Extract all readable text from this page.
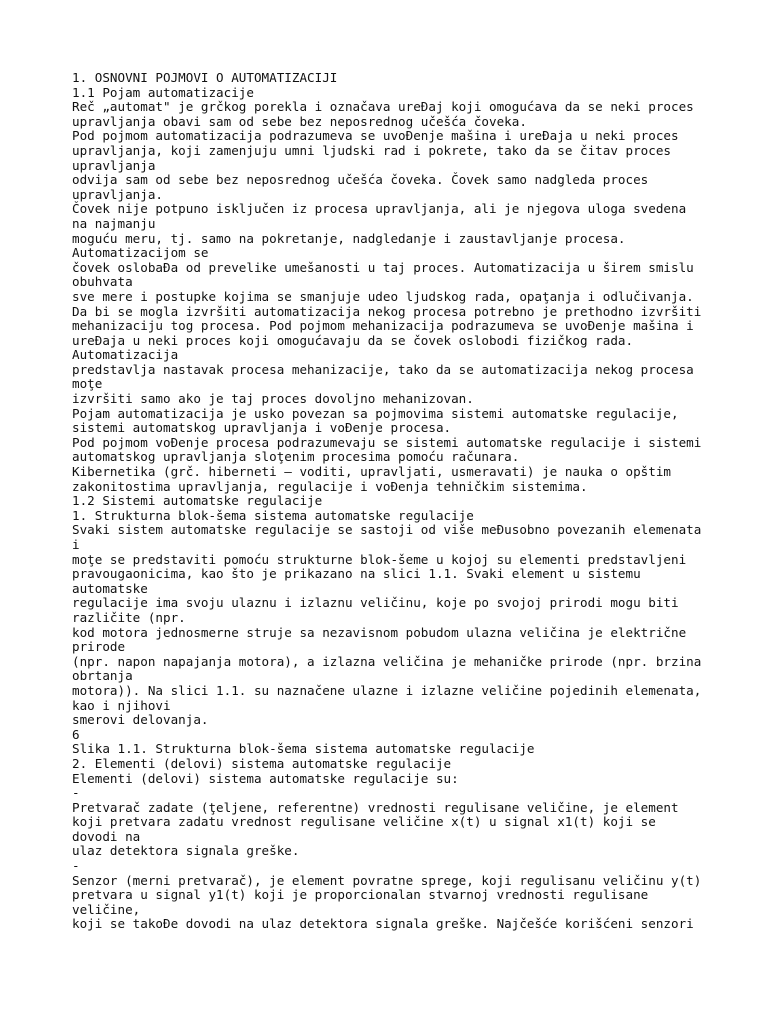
1. OSNOVNI POJMOVI O AUTOMATIZACIJI
1.1 Pojam automatizacije
Reč „automat" je grčkog porekla i označava ureĐaj koji omogućava da se neki proces
upravljanja obavi sam od sebe bez neposrednog učešća čoveka.
Pod pojmom automatizacija podrazumeva se uvoĐenje mašina i ureĐaja u neki proces
upravljanja, koji zamenjuju umni ljudski rad i pokrete, tako da se čitav proces
upravljanja
odvija sam od sebe bez neposrednog učešća čoveka. Čovek samo nadgleda proces
upravljanja.
Čovek nije potpuno isključen iz procesa upravljanja, ali je njegova uloga svedena
na najmanju
moguću meru, tj. samo na pokretanje, nadgledanje i zaustavljanje procesa.
Automatizacijom se
čovek oslobaĐa od prevelike umešanosti u taj proces. Automatizacija u širem smislu
obuhvata
sve mere i postupke kojima se smanjuje udeo ljudskog rada, opaţanja i odlučivanja.
Da bi se mogla izvršiti automatizacija nekog procesa potrebno je prethodno izvršiti
mehanizaciju tog procesa. Pod pojmom mehanizacija podrazumeva se uvoĐenje mašina i
ureĐaja u neki proces koji omogućavaju da se čovek oslobodi fizičkog rada.
Automatizacija
predstavlja nastavak procesa mehanizacije, tako da se automatizacija nekog procesa
moţe
izvršiti samo ako je taj proces dovoljno mehanizovan.
Pojam automatizacija je usko povezan sa pojmovima sistemi automatske regulacije,
sistemi automatskog upravljanja i voĐenje procesa.
Pod pojmom voĐenje procesa podrazumevaju se sistemi automatske regulacije i sistemi
automatskog upravljanja sloţenim procesima pomoću računara.
Kibernetika (grč. hiberneti – voditi, upravljati, usmeravati) je nauka o opštim
zakonitostima upravljanja, regulacije i voĐenja tehničkim sistemima.
1.2 Sistemi automatske regulacije
1. Strukturna blok-šema sistema automatske regulacije
Svaki sistem automatske regulacije se sastoji od više meĐusobno povezanih elemenata
i
moţe se predstaviti pomoću strukturne blok-šeme u kojoj su elementi predstavljeni
pravougaonicima, kao što je prikazano na slici 1.1. Svaki element u sistemu
automatske
regulacije ima svoju ulaznu i izlaznu veličinu, koje po svojoj prirodi mogu biti
različite (npr.
kod motora jednosmerne struje sa nezavisnom pobudom ulazna veličina je električne
prirode
(npr. napon napajanja motora), a izlazna veličina je mehaničke prirode (npr. brzina
obrtanja
motora)). Na slici 1.1. su naznačene ulazne i izlazne veličine pojedinih elemenata,
kao i njihovi
smerovi delovanja.
6
Slika 1.1. Strukturna blok-šema sistema automatske regulacije
2. Elementi (delovi) sistema automatske regulacije
Elementi (delovi) sistema automatske regulacije su:
-
Pretvarač zadate (ţeljene, referentne) vrednosti regulisane veličine, je element
koji pretvara zadatu vrednost regulisane veličine x(t) u signal x1(t) koji se
dovodi na
ulaz detektora signala greške.
-
Senzor (merni pretvarač), je element povratne sprege, koji regulisanu veličinu y(t)
pretvara u signal y1(t) koji je proporcionalan stvarnoj vrednosti regulisane
veličine,
koji se takoĐe dovodi na ulaz detektora signala greške. Najčešće korišćeni senzori
